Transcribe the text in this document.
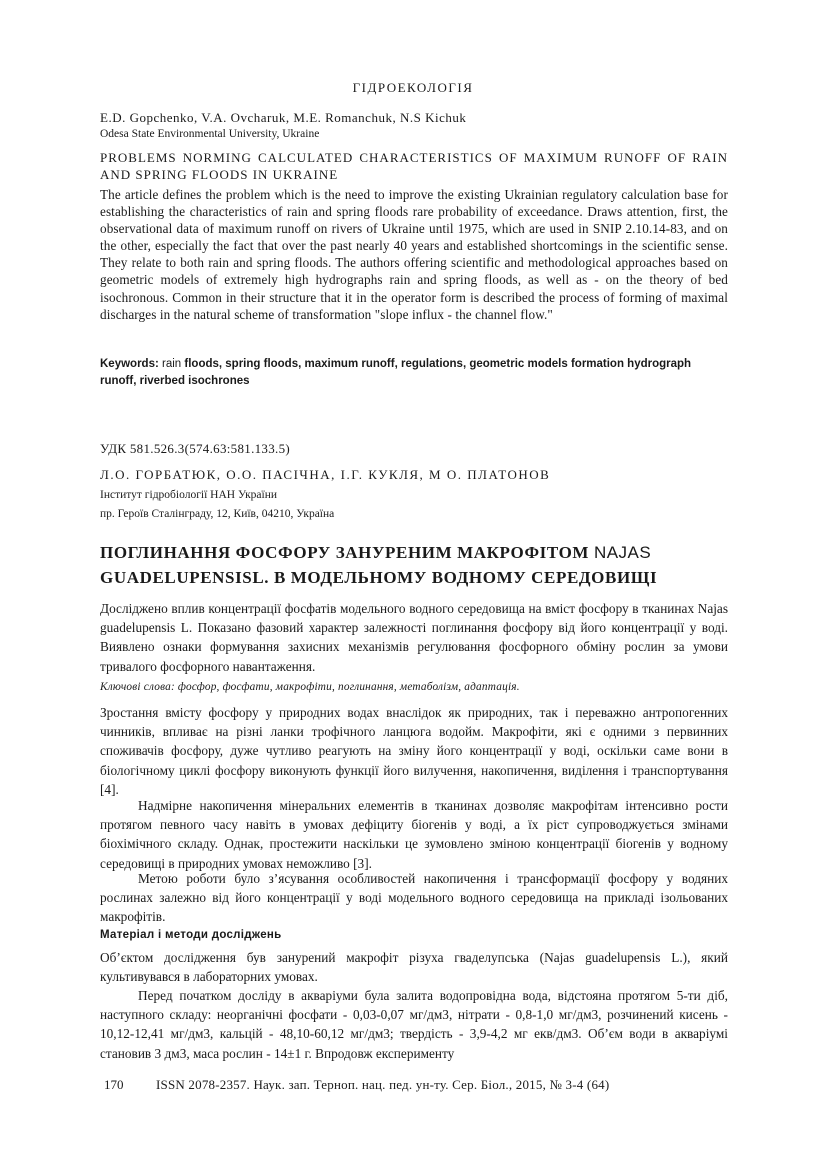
ГІДРОЕКОЛОГІЯ
E.D. Gopchenko, V.A. Ovcharuk, M.E. Romanchuk, N.S Kichuk
Odesa State Environmental University, Ukraine
PROBLEMS NORMING CALCULATED CHARACTERISTICS OF MAXIMUM RUNOFF OF RAIN AND SPRING FLOODS IN UKRAINE
The article defines the problem which is the need to improve the existing Ukrainian regulatory calculation base for establishing the characteristics of rain and spring floods rare probability of exceedance. Draws attention, first, the observational data of maximum runoff on rivers of Ukraine until 1975, which are used in SNIP 2.10.14-83, and on the other, especially the fact that over the past nearly 40 years and established shortcomings in the scientific sense. They relate to both rain and spring floods. The authors offering scientific and methodological approaches based on geometric models of extremely high hydrographs rain and spring floods, as well as - on the theory of bed isochronous. Common in their structure that it in the operator form is described the process of forming of maximal discharges in the natural scheme of transformation "slope influx - the channel flow."
Keywords: rain floods, spring floods, maximum runoff, regulations, geometric models formation hydrograph runoff, riverbed isochrones
УДК 581.526.3(574.63:581.133.5)
Л.О. ГОРБАТЮК, О.О. ПАСІЧНА, І.Г. КУКЛЯ, М О. ПЛАТОНОВ
Інститут гідробіології НАН України
пр. Героїв Сталінграду, 12, Київ, 04210, Україна
ПОГЛИНАННЯ ФОСФОРУ ЗАНУРЕНИМ МАКРОФІТОМ NAJAS
GUADELUPENSISL. В МОДЕЛЬНОМУ ВОДНОМУ СЕРЕДОВИЩІ
Досліджено вплив концентрації фосфатів модельного водного середовища на вміст фосфору в тканинах Najas guadelupensis L. Показано фазовий характер залежності поглинання фосфору від його концентрації у воді. Виявлено ознаки формування захисних механізмів регулювання фосфорного обміну рослин за умови тривалого фосфорного навантаження.
Ключові слова: фосфор, фосфати, макрофіти, поглинання, метаболізм, адаптація.
Зростання вмісту фосфору у природних водах внаслідок як природних, так і переважно антропогенних чинників, впливає на різні ланки трофічного ланцюга водойм. Макрофіти, які є одними з первинних споживачів фосфору, дуже чутливо реагують на зміну його концентрації у воді, оскільки саме вони в біологічному циклі фосфору виконують функції його вилучення, накопичення, виділення і транспортування [4].
Надмірне накопичення мінеральних елементів в тканинах дозволяє макрофітам інтенсивно рости протягом певного часу навіть в умовах дефіциту біогенів у воді, а їх ріст супроводжується змінами біохімічного складу. Однак, простежити наскільки це зумовлено зміною концентрації біогенів у водному середовищі в природних умовах неможливо [3].
Метою роботи було з’ясування особливостей накопичення і трансформації фосфору у водяних рослинах залежно від його концентрації у воді модельного водного середовища на прикладі ізольованих макрофітів.
Матеріал і методи досліджень
Об’єктом дослідження був занурений макрофіт різуха гваделупська (Najas guadelupensis L.), який культивувався в лабораторних умовах.
Перед початком досліду в акваріуми була залита водопровідна вода, відстояна протягом 5-ти діб, наступного складу: неорганічні фосфати - 0,03-0,07 мг/дм3, нітрати - 0,8-1,0 мг/дм3, розчинений кисень - 10,12-12,41 мг/дм3, кальцій - 48,10-60,12 мг/дм3; твердість - 3,9-4,2 мг екв/дм3. Об’єм води в акваріумі становив 3 дм3, маса рослин - 14±1 г. Впродовж експерименту
170	ISSN 2078-2357. Наук. зап. Терноп. нац. пед. ун-ту. Сер. Біол., 2015, № 3-4 (64)
